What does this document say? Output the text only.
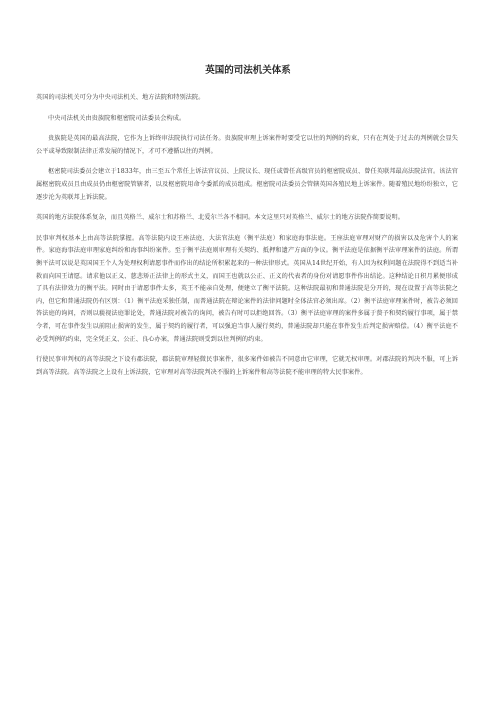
英国的司法机关体系

英国的司法机关可分为中央司法机关、地方法院和特别法院。

中央司法机关由贵族院和枢密院司法委员会构成。

贵族院是英国的最高法院，它作为上诉终审法院执行司法任务。贵族院审理上诉案件时要受它以往的判例的约束，只有在判处于过去的判例就会显失公平或导致限制法律正常发展的情况下，才可不遵循以往的判例。

枢密院司法委员会建立于1833年，由三至五个常任上诉法官议员、上院议长、现任或曾任高级官员的枢密院成员、曾任英联邦最高法院法官。该法官属枢密院成员且由成员仍由枢密院管辖者，以及枢密院用命令委派的成员组成。枢密院司法委员会管辖英国各殖民地上诉案件。随着殖民地纷纷独立，它逐步沦为英联邦上诉法院。

英国的地方法院体系复杂，而且英格兰、威尔士和苏格兰、北爱尔兰各不相同。本文这里只对英格兰、威尔士的地方法院作简要说明。

民事审判权基本上由高等法院掌握。高等法院内设王座法庭、大法官法庭（衡平法庭）和家庭海事法庭。王座法庭审理对财产的损害以及危害个人的案件。家庭海事法庭审理家庭纠纷和海事纠纷案件。至于衡平法庭则审理有关契约、抵押和遗产方面的争议。衡平法庭是依据衡平法审理案件的法庭。所谓衡平法可以说是英国国王个人为处理权利请愿事件而作出的结论所积累起来的一种法律形式。英国从14世纪开始，有人因为权利问题在法院得不到适当补救而向国王请愿。请求他以正义、慈悲矫正法律上的形式主义，而国王也就以公正、正义的代表者的身份对请愿事件作出结论。这种结论日积月累便形成了具有法律效力的衡平法。同时由于请愿事件太多，英王不能亲自处理，便建立了衡平法院。这种法院最初和普通法院是分开的，现在设置于高等法院之内，但它和普通法院仍有区别：（1）衡平法庭采独任制，而普通法院在辩论案件的法律问题时全体法官必须出席。（2）衡平法庭审理案件时，被告必须回答法庭的询问，否则以藐视法庭罪论处，普通法院对被告的询问，被告有时可以拒绝回答。（3）衡平法庭审理的案件多属于赘予和契约履行事项，属于禁令者，可在事件发生以前阻止损害的发生，属于契约的履行者，可以强迫当事人履行契约，普通法院却只能在事件发生后判定损害赔偿。（4）衡平法庭不必受判例的约束，完全凭正义、公正、良心办案，普通法院则受到以往判例的约束。

行使民事审判权的高等法院之下设有郡法院，郡法院审理轻微民事案件，很多案件如被告不同意由它审理，它就无权审理。对郡法院的判决不服，可上诉到高等法院。高等法院之上设有上诉法院，它审理对高等法院判决不服的上诉案件和高等法院不能审理的特大民事案件。
